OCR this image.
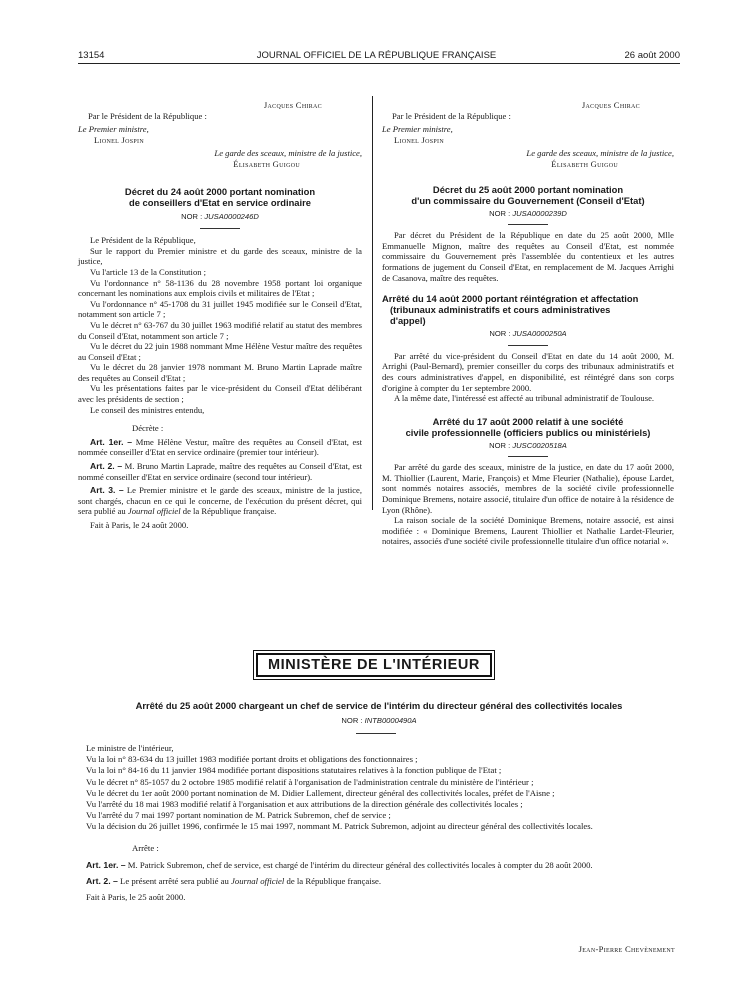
13154	JOURNAL OFFICIEL DE LA RÉPUBLIQUE FRANÇAISE	26 août 2000
Jacques Chirac
Par le Président de la République :
Le Premier ministre,
Lionel Jospin
Le garde des sceaux, ministre de la justice,
Élisabeth Guigou
Décret du 24 août 2000 portant nomination
de conseillers d'Etat en service ordinaire
NOR : JUSA0000246D

Le Président de la République,

Sur le rapport du Premier ministre et du garde des sceaux, ministre de la justice,

Vu l'article 13 de la Constitution ;

Vu l'ordonnance n° 58-1136 du 28 novembre 1958 portant loi organique concernant les nominations aux emplois civils et militaires de l'Etat ;

Vu l'ordonnance n° 45-1708 du 31 juillet 1945 modifiée sur le Conseil d'Etat, notamment son article 7 ;

Vu le décret n° 63-767 du 30 juillet 1963 modifié relatif au statut des membres du Conseil d'Etat, notamment son article 7 ;

Vu le décret du 22 juin 1988 nommant Mme Hélène Vestur maître des requêtes au Conseil d'Etat ;

Vu le décret du 28 janvier 1978 nommant M. Bruno Martin Laprade maître des requêtes au Conseil d'Etat ;

Vu les présentations faites par le vice-président du Conseil d'Etat délibérant avec les présidents de section ;

Le conseil des ministres entendu,

Décrète :

Art. 1er. – Mme Hélène Vestur, maître des requêtes au Conseil d'Etat, est nommée conseiller d'Etat en service ordinaire (premier tour intérieur).

Art. 2. – M. Bruno Martin Laprade, maître des requêtes au Conseil d'Etat, est nommé conseiller d'Etat en service ordinaire (second tour intérieur).

Art. 3. – Le Premier ministre et le garde des sceaux, ministre de la justice, sont chargés, chacun en ce qui le concerne, de l'exécution du présent décret, qui sera publié au Journal officiel de la République française.

Fait à Paris, le 24 août 2000.

Jacques Chirac
Par le Président de la République :
Le Premier ministre,
Lionel Jospin
Le garde des sceaux, ministre de la justice,
Élisabeth Guigou
Décret du 25 août 2000 portant nomination
d'un commissaire du Gouvernement (Conseil d'Etat)
NOR : JUSA0000239D

Par décret du Président de la République en date du 25 août 2000, Mlle Emmanuelle Mignon, maître des requêtes au Conseil d'Etat, est nommée commissaire du Gouvernement près l'assemblée du contentieux et les autres formations de jugement du Conseil d'Etat, en remplacement de M. Jacques Arrighi de Casanova, maître des requêtes.

Arrêté du 14 août 2000 portant réintégration et affectation
(tribunaux administratifs et cours administratives
d'appel)
NOR : JUSA0000250A

Par arrêté du vice-président du Conseil d'Etat en date du 14 août 2000, M. Arrighi (Paul-Bernard), premier conseiller du corps des tribunaux administratifs et des cours administratives d'appel, en disponibilité, est réintégré dans son corps d'origine à compter du 1er septembre 2000.

A la même date, l'intéressé est affecté au tribunal administratif de Toulouse.

Arrêté du 17 août 2000 relatif à une société
civile professionnelle (officiers publics ou ministériels)
NOR : JUSC0020518A

Par arrêté du garde des sceaux, ministre de la justice, en date du 17 août 2000, M. Thiollier (Laurent, Marie, François) et Mme Fleurier (Nathalie), épouse Lardet, sont nommés notaires associés, membres de la société civile professionnelle Dominique Bremens, notaire associé, titulaire d'un office de notaire à la résidence de Lyon (Rhône).

La raison sociale de la société Dominique Bremens, notaire associé, est ainsi modifiée : « Dominique Bremens, Laurent Thiollier et Nathalie Lardet-Fleurier, notaires, associés d'une société civile professionnelle titulaire d'un office notarial ».

MINISTÈRE DE L'INTÉRIEUR
Arrêté du 25 août 2000 chargeant un chef de service de l'intérim du directeur général des collectivités locales
NOR : INTB0000490A

Le ministre de l'intérieur,

Vu la loi n° 83-634 du 13 juillet 1983 modifiée portant droits et obligations des fonctionnaires ;

Vu la loi n° 84-16 du 11 janvier 1984 modifiée portant dispositions statutaires relatives à la fonction publique de l'Etat ;

Vu le décret n° 85-1057 du 2 octobre 1985 modifié relatif à l'organisation de l'administration centrale du ministère de l'intérieur ;

Vu le décret du 1er août 2000 portant nomination de M. Didier Lallement, directeur général des collectivités locales, préfet de l'Aisne ;

Vu l'arrêté du 18 mai 1983 modifié relatif à l'organisation et aux attributions de la direction générale des collectivités locales ;

Vu l'arrêté du 7 mai 1997 portant nomination de M. Patrick Subremon, chef de service ;

Vu la décision du 26 juillet 1996, confirmée le 15 mai 1997, nommant M. Patrick Subremon, adjoint au directeur général des collectivités locales.

Arrête :

Art. 1er. – M. Patrick Subremon, chef de service, est chargé de l'intérim du directeur général des collectivités locales à compter du 28 août 2000.

Art. 2. – Le présent arrêté sera publié au Journal officiel de la République française.

Fait à Paris, le 25 août 2000.

Jean-Pierre Chevènement
